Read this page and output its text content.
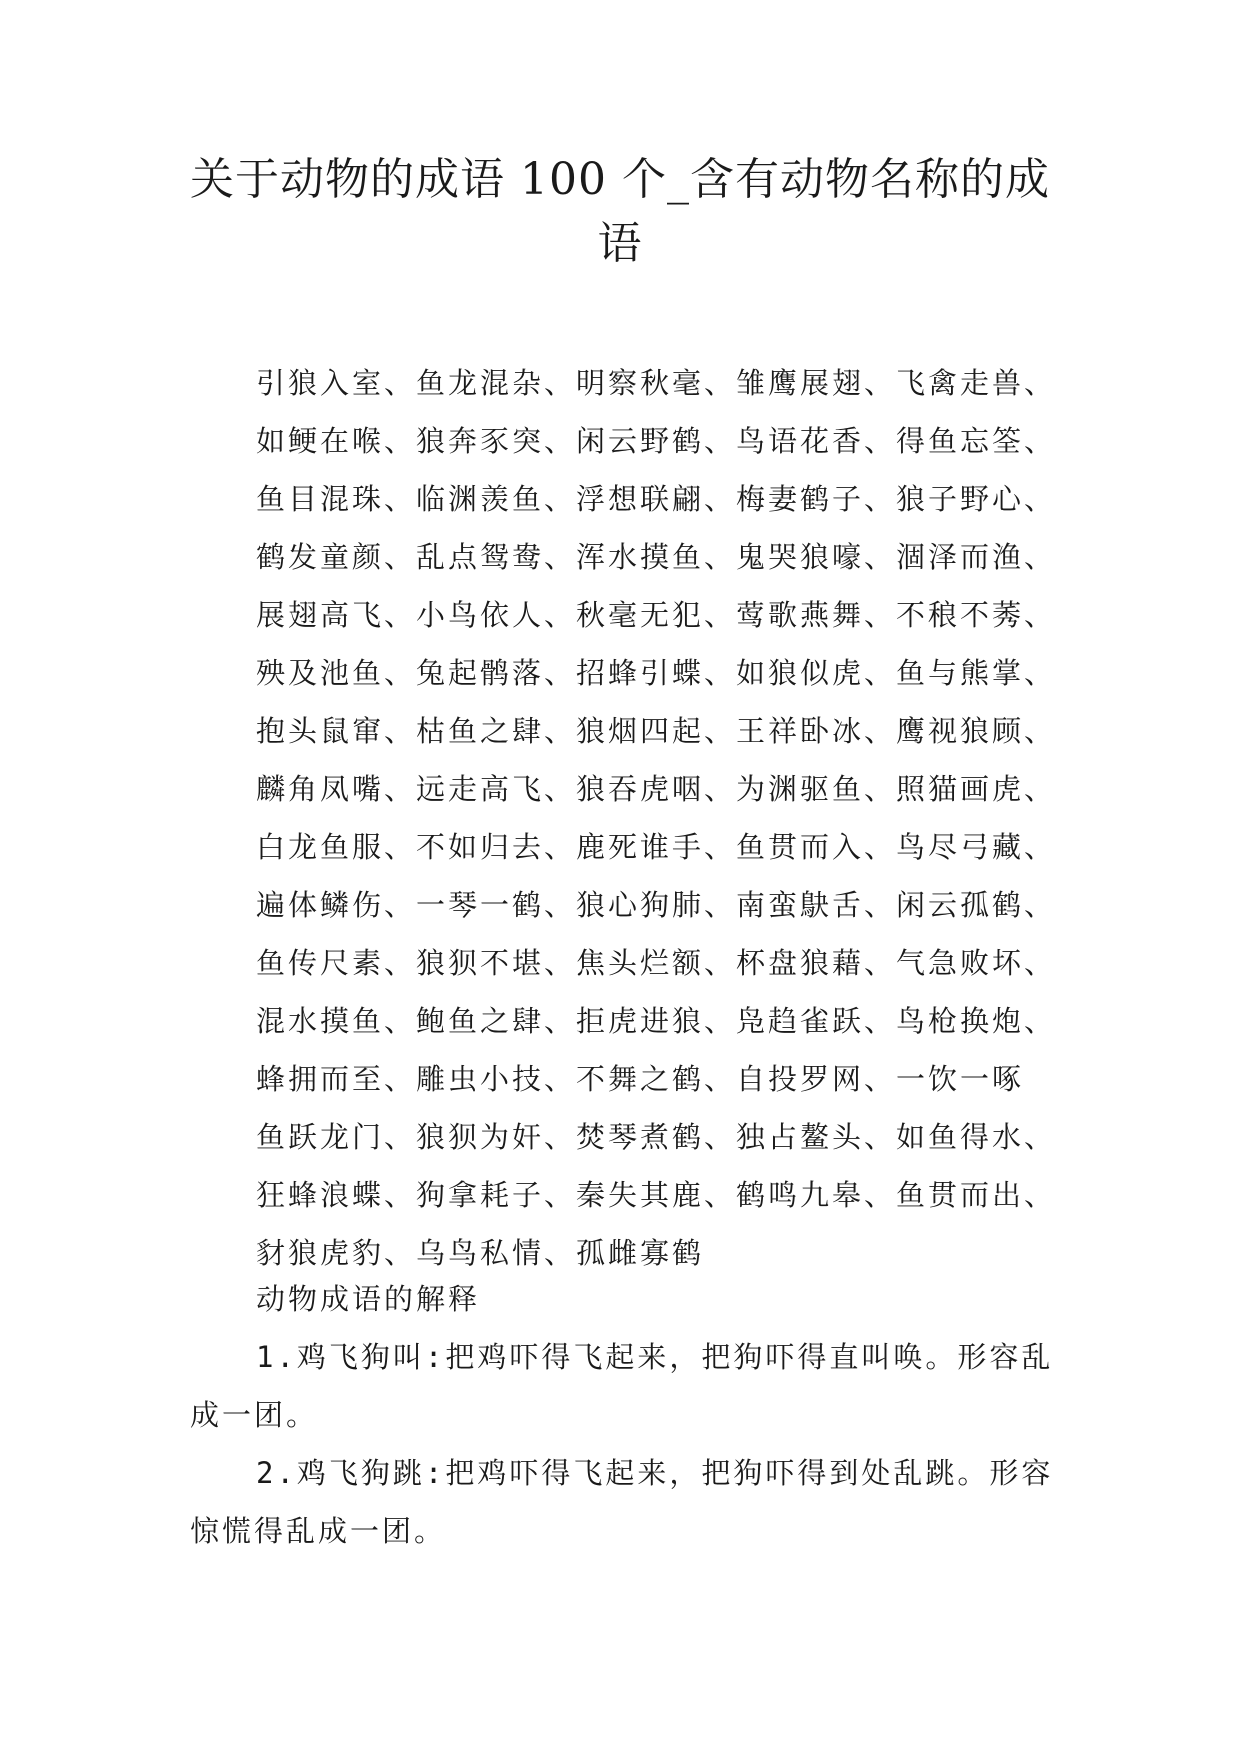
关于动物的成语 100 个_含有动物名称的成
语
引狼入室、鱼龙混杂、明察秋毫、雏鹰展翅、飞禽走兽、
如鲠在喉、狼奔豕突、闲云野鹤、鸟语花香、得鱼忘筌、
鱼目混珠、临渊羡鱼、浮想联翩、梅妻鹤子、狼子野心、
鹤发童颜、乱点鸳鸯、浑水摸鱼、鬼哭狼嚎、涸泽而渔、
展翅高飞、小鸟依人、秋毫无犯、莺歌燕舞、不稂不莠、
殃及池鱼、兔起鹘落、招蜂引蝶、如狼似虎、鱼与熊掌、
抱头鼠窜、枯鱼之肆、狼烟四起、王祥卧冰、鹰视狼顾、
麟角凤嘴、远走高飞、狼吞虎咽、为渊驱鱼、照猫画虎、
白龙鱼服、不如归去、鹿死谁手、鱼贯而入、鸟尽弓藏、
遍体鳞伤、一琴一鹤、狼心狗肺、南蛮鴃舌、闲云孤鹤、
鱼传尺素、狼狈不堪、焦头烂额、杯盘狼藉、气急败坏、
混水摸鱼、鲍鱼之肆、拒虎进狼、凫趋雀跃、鸟枪换炮、
蜂拥而至、雕虫小技、不舞之鹤、自投罗网、一饮一啄
鱼跃龙门、狼狈为奸、焚琴煮鹤、独占鳌头、如鱼得水、
狂蜂浪蝶、狗拿耗子、秦失其鹿、鹤鸣九皋、鱼贯而出、
豺狼虎豹、乌鸟私情、孤雌寡鹤

动物成语的解释

1.鸡飞狗叫:把鸡吓得飞起来，把狗吓得直叫唤。形容乱成一团。

2.鸡飞狗跳:把鸡吓得飞起来，把狗吓得到处乱跳。形容惊慌得乱成一团。
